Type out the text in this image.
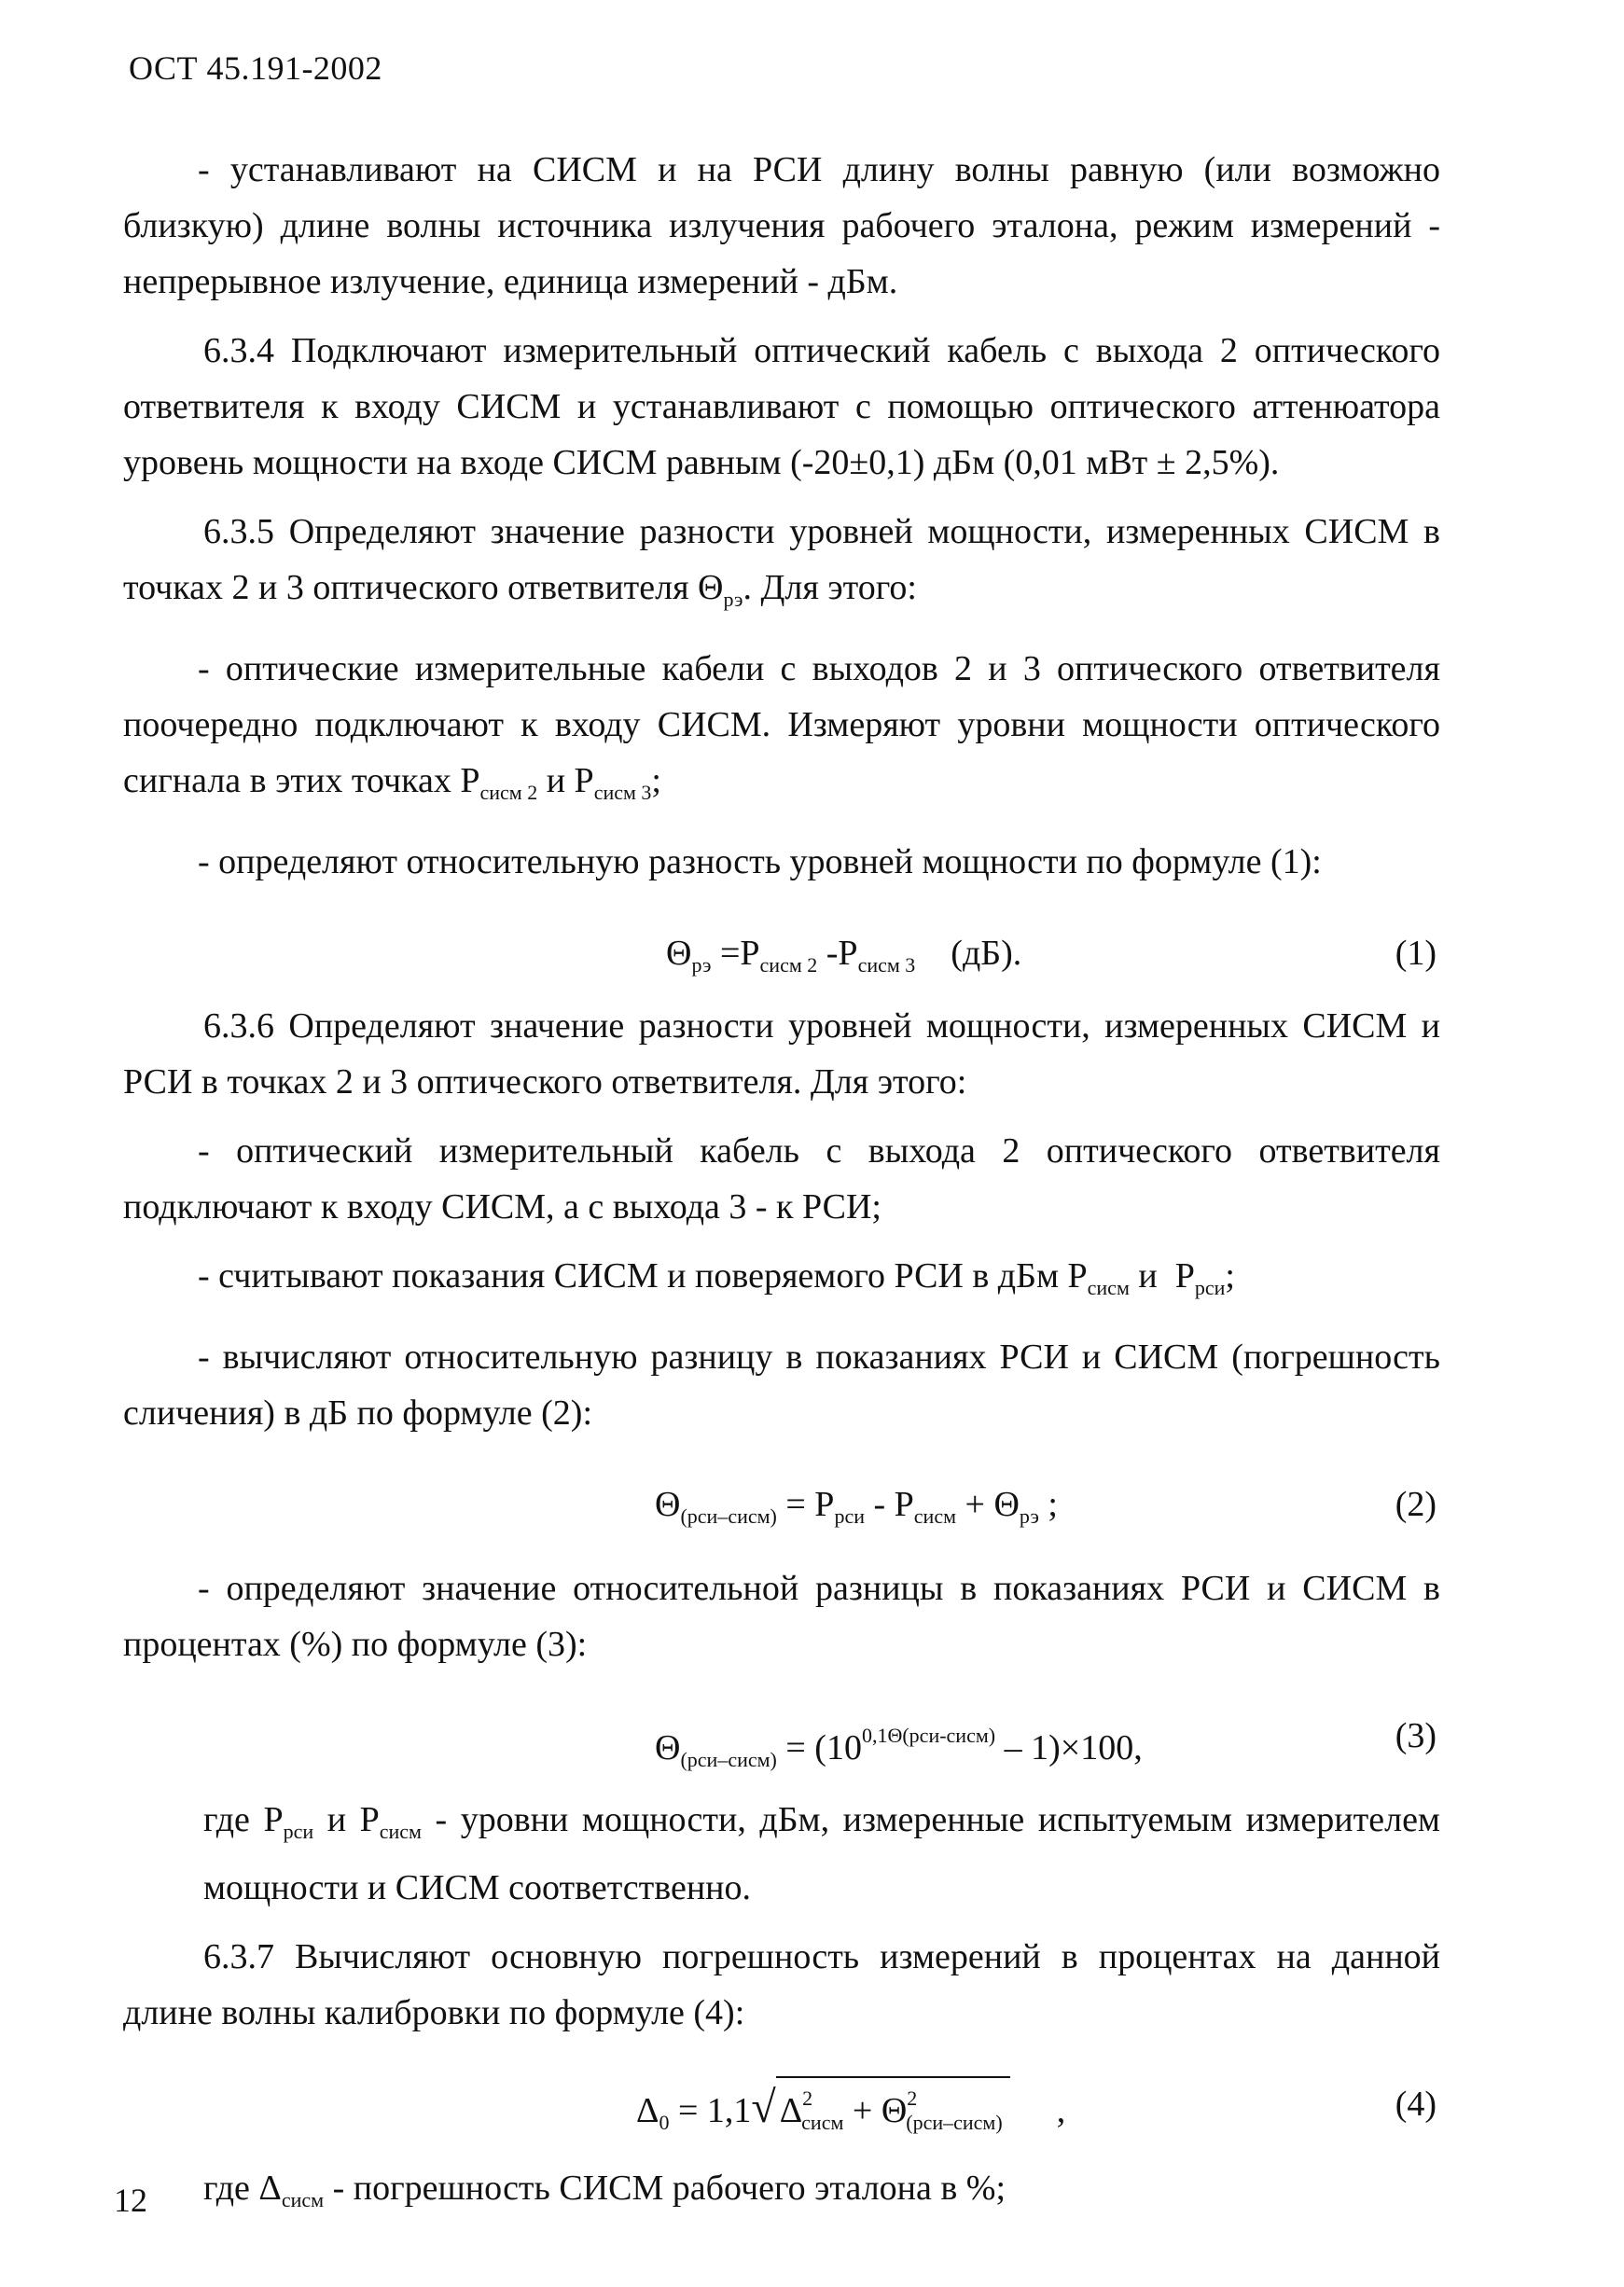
ОСТ 45.191-2002

- устанавливают на СИСМ и на РСИ длину волны равную (или возможно близкую) длине волны источника излучения рабочего эталона, режим измерений - непрерывное излучение, единица измерений - дБм.

6.3.4 Подключают измерительный оптический кабель с выхода 2 оптического ответвителя к входу СИСМ и устанавливают с помощью оптического аттенюатора уровень мощности на входе СИСМ равным (-20±0,1) дБм (0,01 мВт ± 2,5%).

6.3.5 Определяют значение разности уровней мощности, измеренных СИСМ в точках 2 и 3 оптического ответвителя $\Theta_{рэ}$. Для этого:

- оптические измерительные кабели с выходов 2 и 3 оптического ответвителя поочередно подключают к входу СИСМ. Измеряют уровни мощности оптического сигнала в этих точках $P_{сисм 2}$ и $P_{сисм 3}$;

- определяют относительную разность уровней мощности по формуле (1):

$\Theta_{рэ} =P_{сисм 2}$ $-P_{сисм 3}$    (дБ).	(1)

6.3.6 Определяют значение разности уровней мощности, измеренных СИСМ и РСИ в точках 2 и 3 оптического ответвителя. Для этого:

- оптический измерительный кабель с выхода 2 оптического ответвителя подключают к входу СИСМ, а с выхода 3 - к РСИ;

- считывают показания СИСМ и поверяемого РСИ в дБм $P_{сисм}$ и  $P_{рси}$;

- вычисляют относительную разницу в показаниях РСИ и СИСМ (погрешность сличения) в дБ по формуле (2):

$\Theta_{(рси-сисм)} = P_{рси} - P_{сисм} + \Theta_{рэ}$ ;	(2)

- определяют значение относительной разницы в показаниях РСИ и СИСМ в процентах (%) по формуле (3):

$\Theta_{(рси-сисм)} = (10^{0,1\Theta(рси-сисм)} - 1)\times 100$,	(3)

где $P_{рси}$ и $P_{сисм}$ - уровни мощности, дБм, измеренные испытуемым измерителем мощности и СИСМ соответственно.

6.3.7 Вычисляют основную погрешность измерений в процентах на данной длине волны калибровки по формуле (4):

$\Delta_0 = 1,1√$ $\Delta^2_{сисм} + \Theta^2_{(рси-сисм)}$ ,	(4)

где $\Delta_{сисм}$ - погрешность СИСМ рабочего эталона в %;

12
